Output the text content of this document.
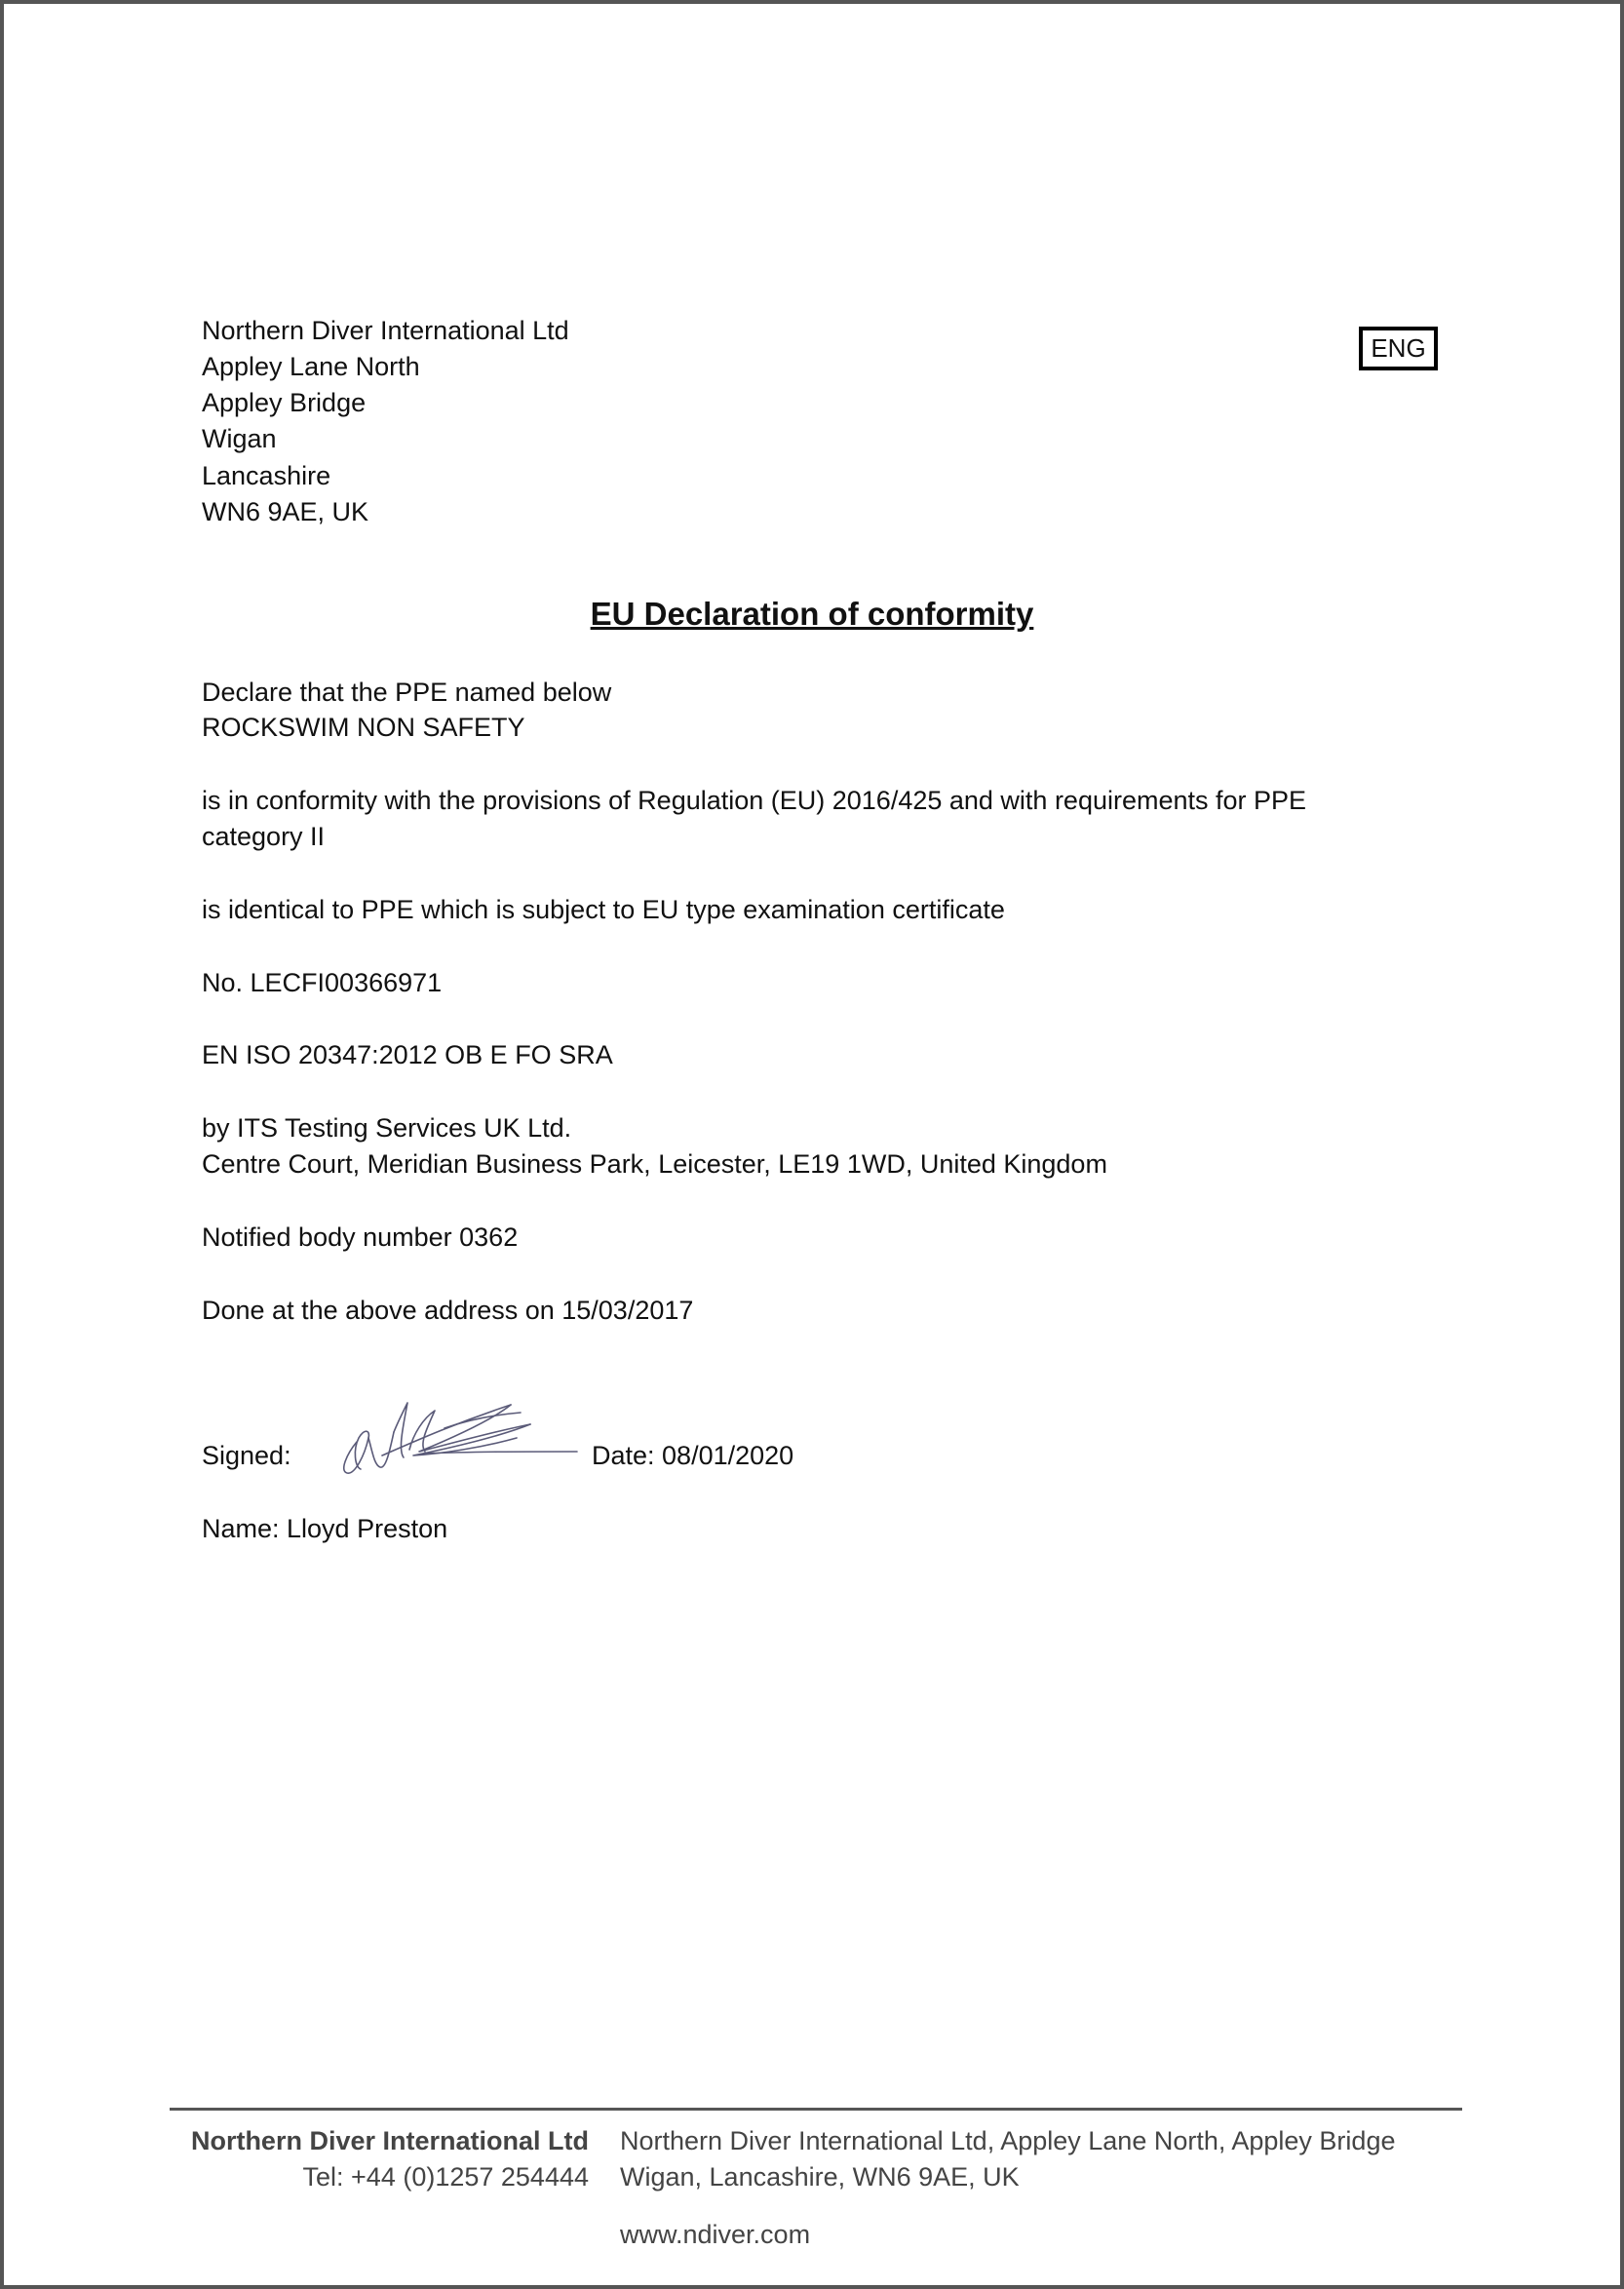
Northern Diver International Ltd
Appley Lane North
Appley Bridge
Wigan
Lancashire
WN6 9AE, UK
ENG
EU Declaration of conformity
Declare that the PPE named below
ROCKSWIM NON SAFETY
is in conformity with the provisions of Regulation (EU) 2016/425 and with requirements for PPE
category II
is identical to PPE which is subject to EU type examination certificate
No. LECFI00366971
EN ISO 20347:2012 OB E FO SRA
by ITS Testing Services UK Ltd.
Centre Court, Meridian Business Park, Leicester, LE19 1WD, United Kingdom
Notified body number 0362
Done at the above address on 15/03/2017
Signed:	Date: 08/01/2020
Name: Lloyd Preston
Northern Diver International Ltd
Tel: +44 (0)1257 254444
Northern Diver International Ltd, Appley Lane North, Appley Bridge
Wigan, Lancashire, WN6 9AE, UK
www.ndiver.com
